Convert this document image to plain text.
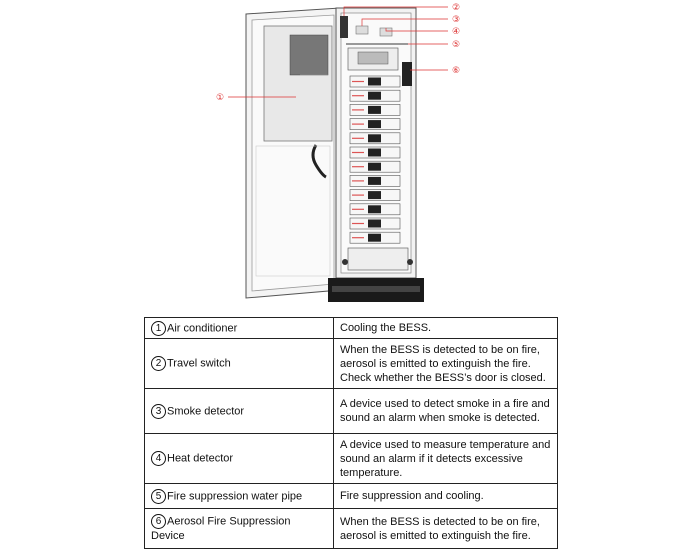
①
②
③
④
⑤
⑥
1 Air conditioner	Cooling the BESS.
2 Travel switch	When the BESS is detected to be on fire, aerosol is emitted to extinguish the fire. Check whether the BESS’s door is closed.
3 Smoke detector	A device used to detect smoke in a fire and sound an alarm when smoke is detected.
4 Heat detector	A device used to measure temperature and sound an alarm if it detects excessive temperature.
5 Fire suppression water pipe	Fire suppression and cooling.
6 Aerosol Fire Suppression Device	When the BESS is detected to be on fire, aerosol is emitted to extinguish the fire.
